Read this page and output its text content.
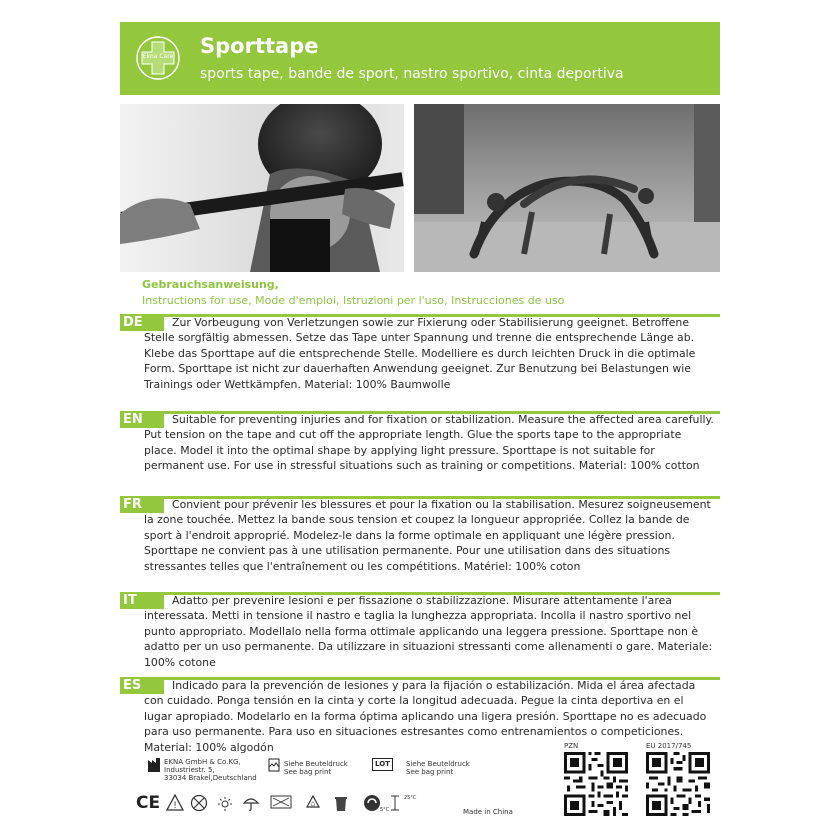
Ekna Care Sporttape
sports tape, bande de sport, nastro sportivo, cinta deportiva
Gebrauchsanweisung,
Instructions for use, Mode d'emploi, Istruzioni per l'uso, Instrucciones de uso
DE	Zur Vorbeugung von Verletzungen sowie zur Fixierung oder Stabilisierung geeignet. Betroffene Stelle sorgfältig abmessen. Setze das Tape unter Spannung und trenne die entsprechende Länge ab. Klebe das Sporttape auf die entsprechende Stelle. Modelliere es durch leichten Druck in die optimale Form. Sporttape ist nicht zur dauerhaften Anwendung geeignet. Zur Benutzung bei Belastungen wie Trainings oder Wettkämpfen. Material: 100% Baumwolle

EN	Suitable for preventing injuries and for fixation or stabilization. Measure the affected area carefully. Put tension on the tape and cut off the appropriate length. Glue the sports tape to the appropriate place. Model it into the optimal shape by applying light pressure. Sporttape is not suitable for permanent use. For use in stressful situations such as training or competitions. Material: 100% cotton

FR	Convient pour prévenir les blessures et pour la fixation ou la stabilisation. Mesurez soigneusement la zone touchée. Mettez la bande sous tension et coupez la longueur appropriée. Collez la bande de sport à l'endroit approprié. Modelez-le dans la forme optimale en appliquant une légère pression. Sporttape ne convient pas à une utilisation permanente. Pour une utilisation dans des situations stressantes telles que l'entraînement ou les compétitions. Matériel: 100% coton

IT	Adatto per prevenire lesioni e per fissazione o stabilizzazione. Misurare attentamente l'area interessata. Metti in tensione il nastro e taglia la lunghezza appropriata. Incolla il nastro sportivo nel punto appropriato. Modellalo nella forma ottimale applicando una leggera pressione. Sporttape non è adatto per un uso permanente. Da utilizzare in situazioni stressanti come allenamenti o gare. Materiale: 100% cotone

ES	Indicado para la prevención de lesiones y para la fijación o estabilización. Mida el área afectada con cuidado. Ponga tensión en la cinta y corte la longitud adecuada. Pegue la cinta deportiva en el lugar apropiado. Modelarlo en la forma óptima aplicando una ligera presión. Sporttape no es adecuado para uso permanente. Para uso en situaciones estresantes como entrenamientos o competiciones. Material: 100% algodón

EKNA GmbH & Co.KG,
Industriestr. 5,
33034 Brakel,Deutschland
Siehe Beuteldruck
See bag print
LOT	Siehe Beuteldruck
See bag print
CE !	♺
25°C
5°C	Made in China
PZN	EU 2017/745
